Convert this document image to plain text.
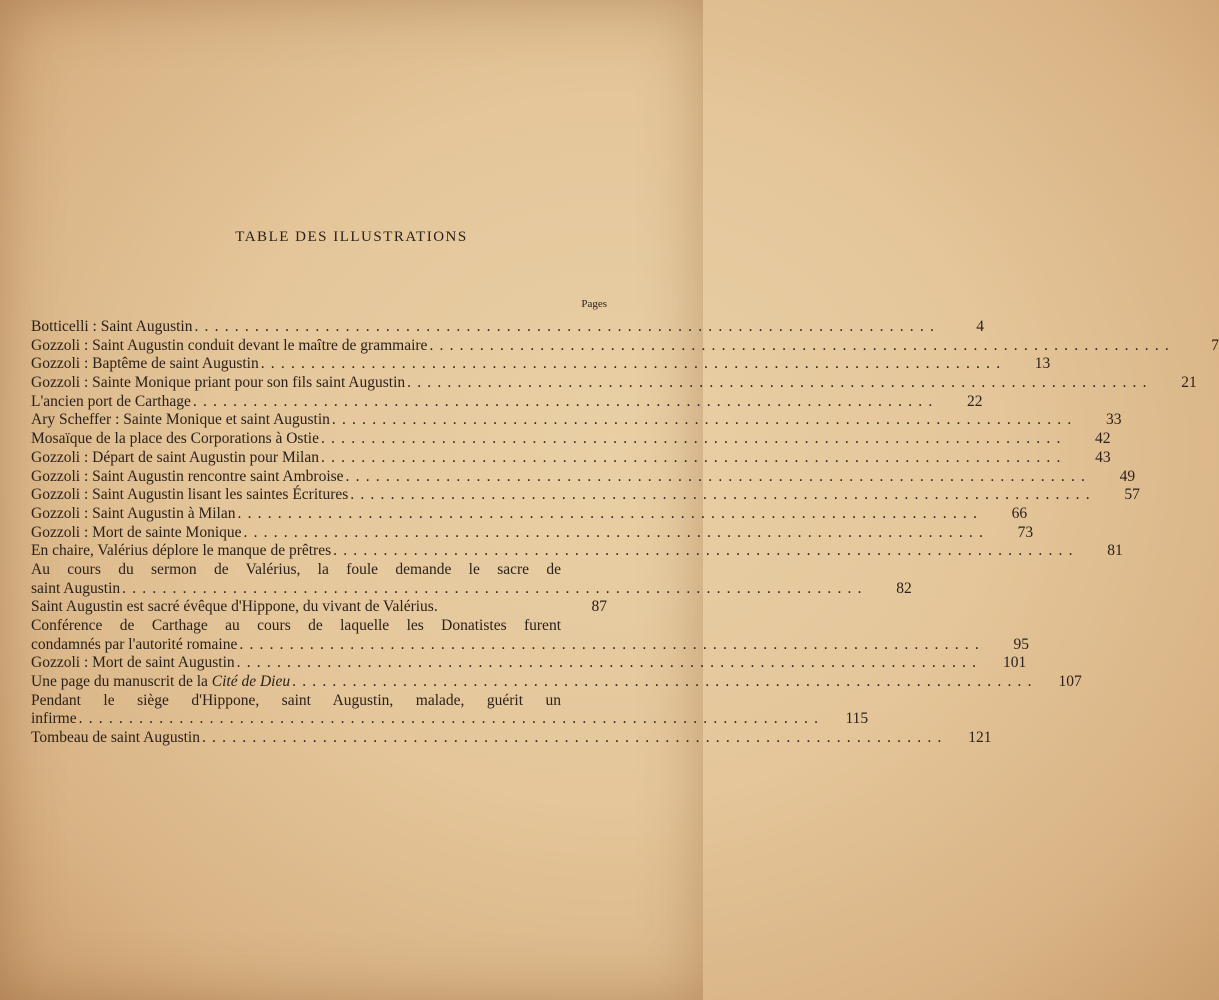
TABLE DES ILLUSTRATIONS
Pages
Botticelli : Saint Augustin ..........................................................................	4
Gozzoli : Saint Augustin conduit devant le maître de grammaire ..........................................................................	7
Gozzoli : Baptême de saint Augustin ..........................................................................	13
Gozzoli : Sainte Monique priant pour son fils saint Augustin ..........................................................................	21
L'ancien port de Carthage ..........................................................................	22
Ary Scheffer : Sainte Monique et saint Augustin ..........................................................................	33
Mosaïque de la place des Corporations à Ostie ..........................................................................	42
Gozzoli : Départ de saint Augustin pour Milan ..........................................................................	43
Gozzoli : Saint Augustin rencontre saint Ambroise ..........................................................................	49
Gozzoli : Saint Augustin lisant les saintes Écritures ..........................................................................	57
Gozzoli : Saint Augustin à Milan ..........................................................................	66
Gozzoli : Mort de sainte Monique ..........................................................................	73
En chaire, Valérius déplore le manque de prêtres ..........................................................................	81
Au cours du sermon de Valérius, la foule demande le sacre de
saint Augustin ..........................................................................	82
Saint Augustin est sacré évêque d'Hippone, du vivant de Valérius.	87
Conférence de Carthage au cours de laquelle les Donatistes furent
condamnés par l'autorité romaine ..........................................................................	95
Gozzoli : Mort de saint Augustin ..........................................................................	101
Une page du manuscrit de la Cité de Dieu ..........................................................................	107
Pendant le siège d'Hippone, saint Augustin, malade, guérit un
infirme ..........................................................................	115
Tombeau de saint Augustin ..........................................................................	121
